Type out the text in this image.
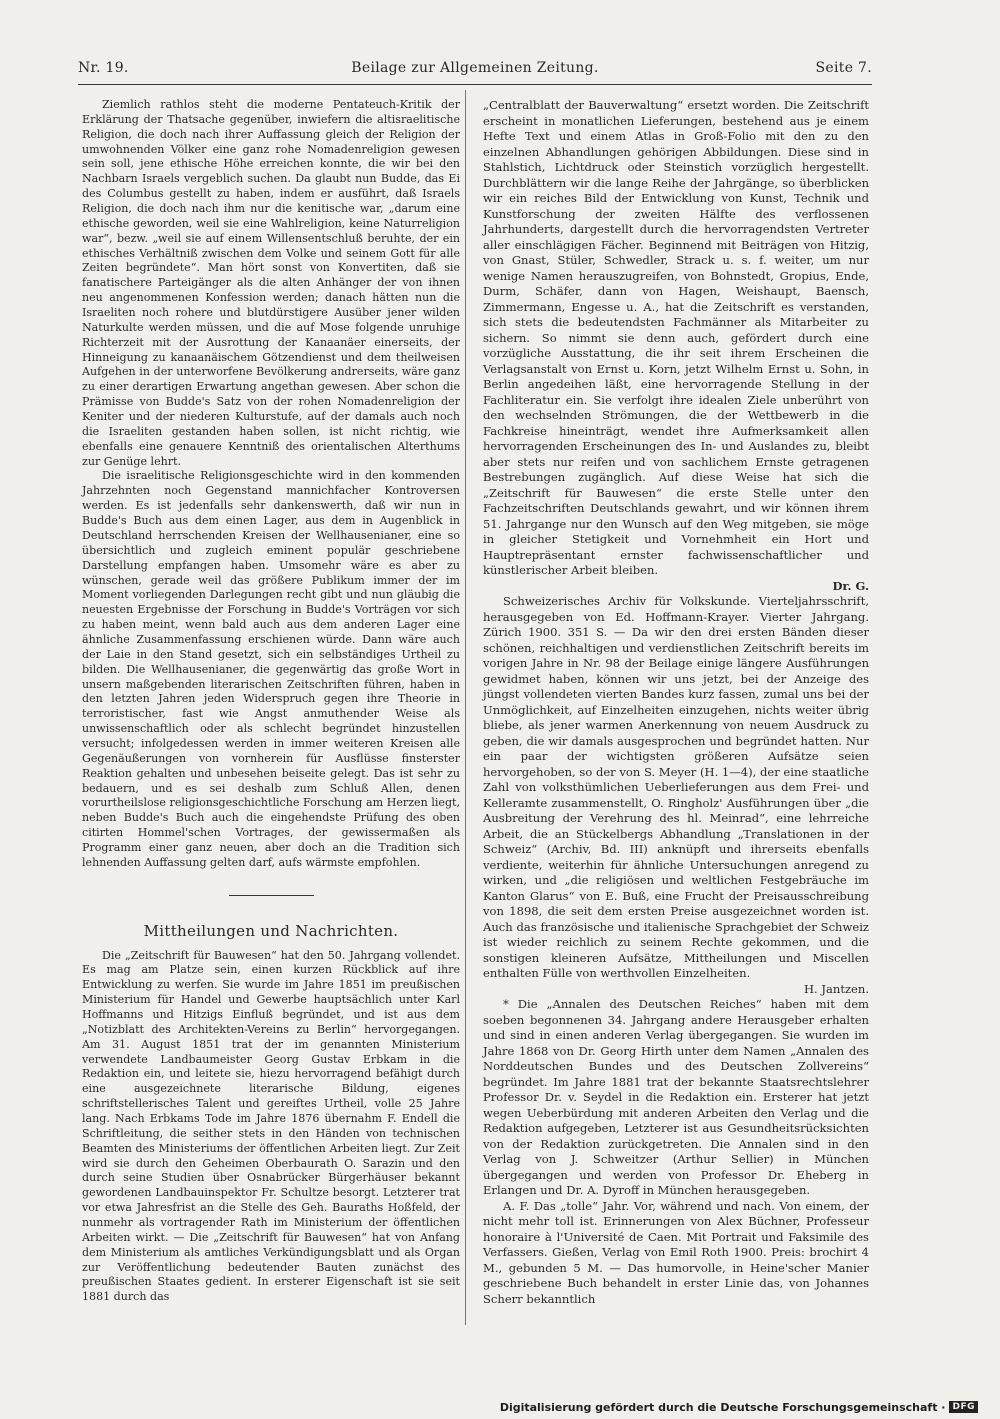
Nr. 19.	Beilage zur Allgemeinen Zeitung.	Seite 7.

Ziemlich rathlos steht die moderne Pentateuch-Kritik der Erklärung der Thatsache gegenüber, inwiefern die altisraelitische Religion, die doch nach ihrer Auffassung gleich der Religion der umwohnenden Völker eine ganz rohe Nomadenreligion gewesen sein soll, jene ethische Höhe erreichen konnte, die wir bei den Nachbarn Israels vergeblich suchen. Da glaubt nun Budde, das Ei des Columbus gestellt zu haben, indem er ausführt, daß Israels Religion, die doch nach ihm nur die kenitische war, „darum eine ethische geworden, weil sie eine Wahlreligion, keine Naturreligion war“, bezw. „weil sie auf einem Willensentschluß beruhte, der ein ethisches Verhältniß zwischen dem Volke und seinem Gott für alle Zeiten begründete“. Man hört sonst von Konvertiten, daß sie fanatischere Parteigänger als die alten Anhänger der von ihnen neu angenommenen Konfession werden; danach hätten nun die Israeliten noch rohere und blutdürstigere Ausüber jener wilden Naturkulte werden müssen, und die auf Mose folgende unruhige Richterzeit mit der Ausrottung der Kanaanäer einerseits, der Hinneigung zu kanaanäischem Götzendienst und dem theilweisen Aufgehen in der unterworfene Bevölkerung andrerseits, wäre ganz zu einer derartigen Erwartung angethan gewesen. Aber schon die Prämisse von Budde's Satz von der rohen Nomadenreligion der Keniter und der niederen Kulturstufe, auf der damals auch noch die Israeliten gestanden haben sollen, ist nicht richtig, wie ebenfalls eine genauere Kenntniß des orientalischen Alterthums zur Genüge lehrt.

Die israelitische Religionsgeschichte wird in den kommenden Jahrzehnten noch Gegenstand mannichfacher Kontroversen werden. Es ist jedenfalls sehr dankenswerth, daß wir nun in Budde's Buch aus dem einen Lager, aus dem in Augenblick in Deutschland herrschenden Kreisen der Wellhausenianer, eine so übersichtlich und zugleich eminent populär geschriebene Darstellung empfangen haben. Umsomehr wäre es aber zu wünschen, gerade weil das größere Publikum immer der im Moment vorliegenden Darlegungen recht gibt und nun gläubig die neuesten Ergebnisse der Forschung in Budde's Vorträgen vor sich zu haben meint, wenn bald auch aus dem anderen Lager eine ähnliche Zusammenfassung erschienen würde. Dann wäre auch der Laie in den Stand gesetzt, sich ein selbständiges Urtheil zu bilden. Die Wellhausenianer, die gegenwärtig das große Wort in unsern maßgebenden literarischen Zeitschriften führen, haben in den letzten Jahren jeden Widerspruch gegen ihre Theorie in terroristischer, fast wie Angst anmuthender Weise als unwissenschaftlich oder als schlecht begründet hinzustellen versucht; infolgedessen werden in immer weiteren Kreisen alle Gegenäußerungen von vornherein für Ausflüsse finsterster Reaktion gehalten und unbesehen beiseite gelegt. Das ist sehr zu bedauern, und es sei deshalb zum Schluß Allen, denen vorurtheilslose religionsgeschichtliche Forschung am Herzen liegt, neben Budde's Buch auch die eingehendste Prüfung des oben citirten Hommel'schen Vortrages, der gewissermaßen als Programm einer ganz neuen, aber doch an die Tradition sich lehnenden Auffassung gelten darf, aufs wärmste empfohlen.

Mittheilungen und Nachrichten.

Die „Zeitschrift für Bauwesen“ hat den 50. Jahrgang vollendet. Es mag am Platze sein, einen kurzen Rückblick auf ihre Entwicklung zu werfen. Sie wurde im Jahre 1851 im preußischen Ministerium für Handel und Gewerbe hauptsächlich unter Karl Hoffmanns und Hitzigs Einfluß begründet, und ist aus dem „Notizblatt des Architekten-Vereins zu Berlin“ hervorgegangen. Am 31. August 1851 trat der im genannten Ministerium verwendete Landbaumeister Georg Gustav Erbkam in die Redaktion ein, und leitete sie, hiezu hervorragend befähigt durch eine ausgezeichnete literarische Bildung, eigenes schriftstellerisches Talent und gereiftes Urtheil, volle 25 Jahre lang. Nach Erbkams Tode im Jahre 1876 übernahm F. Endell die Schriftleitung, die seither stets in den Händen von technischen Beamten des Ministeriums der öffentlichen Arbeiten liegt. Zur Zeit wird sie durch den Geheimen Oberbaurath O. Sarazin und den durch seine Studien über Osnabrücker Bürgerhäuser bekannt gewordenen Landbauinspektor Fr. Schultze besorgt. Letzterer trat vor etwa Jahresfrist an die Stelle des Geh. Bauraths Hoßfeld, der nunmehr als vortragender Rath im Ministerium der öffentlichen Arbeiten wirkt. — Die „Zeitschrift für Bauwesen“ hat von Anfang dem Ministerium als amtliches Verkündigungsblatt und als Organ zur Veröffentlichung bedeutender Bauten zunächst des preußischen Staates gedient. In ersterer Eigenschaft ist sie seit 1881 durch das

„Centralblatt der Bauverwaltung“ ersetzt worden. Die Zeitschrift erscheint in monatlichen Lieferungen, bestehend aus je einem Hefte Text und einem Atlas in Groß-Folio mit den zu den einzelnen Abhandlungen gehörigen Abbildungen. Diese sind in Stahlstich, Lichtdruck oder Steinstich vorzüglich hergestellt. Durchblättern wir die lange Reihe der Jahrgänge, so überblicken wir ein reiches Bild der Entwicklung von Kunst, Technik und Kunstforschung der zweiten Hälfte des verflossenen Jahrhunderts, dargestellt durch die hervorragendsten Vertreter aller einschlägigen Fächer. Beginnend mit Beiträgen von Hitzig, von Gnast, Stüler, Schwedler, Strack u. s. f. weiter, um nur wenige Namen herauszugreifen, von Bohnstedt, Gropius, Ende, Durm, Schäfer, dann von Hagen, Weishaupt, Baensch, Zimmermann, Engesse u. A., hat die Zeitschrift es verstanden, sich stets die bedeutendsten Fachmänner als Mitarbeiter zu sichern. So nimmt sie denn auch, gefördert durch eine vorzügliche Ausstattung, die ihr seit ihrem Erscheinen die Verlagsanstalt von Ernst u. Korn, jetzt Wilhelm Ernst u. Sohn, in Berlin angedeihen läßt, eine hervorragende Stellung in der Fachliteratur ein. Sie verfolgt ihre idealen Ziele unberührt von den wechselnden Strömungen, die der Wettbewerb in die Fachkreise hineinträgt, wendet ihre Aufmerksamkeit allen hervorragenden Erscheinungen des In- und Auslandes zu, bleibt aber stets nur reifen und von sachlichem Ernste getragenen Bestrebungen zugänglich. Auf diese Weise hat sich die „Zeitschrift für Bauwesen“ die erste Stelle unter den Fachzeitschriften Deutschlands gewahrt, und wir können ihrem 51. Jahrgange nur den Wunsch auf den Weg mitgeben, sie möge in gleicher Stetigkeit und Vornehmheit ein Hort und Hauptrepräsentant ernster fachwissenschaftlicher und künstlerischer Arbeit bleiben.

Dr. G.

Schweizerisches Archiv für Volkskunde. Vierteljahrsschrift, herausgegeben von Ed. Hoffmann-Krayer. Vierter Jahrgang. Zürich 1900. 351 S. — Da wir den drei ersten Bänden dieser schönen, reichhaltigen und verdienstlichen Zeitschrift bereits im vorigen Jahre in Nr. 98 der Beilage einige längere Ausführungen gewidmet haben, können wir uns jetzt, bei der Anzeige des jüngst vollendeten vierten Bandes kurz fassen, zumal uns bei der Unmöglichkeit, auf Einzelheiten einzugehen, nichts weiter übrig bliebe, als jener warmen Anerkennung von neuem Ausdruck zu geben, die wir damals ausgesprochen und begründet hatten. Nur ein paar der wichtigsten größeren Aufsätze seien hervorgehoben, so der von S. Meyer (H. 1—4), der eine staatliche Zahl von volksthümlichen Ueberlieferungen aus dem Frei- und Kelleramte zusammenstellt, O. Ringholz' Ausführungen über „die Ausbreitung der Verehrung des hl. Meinrad“, eine lehrreiche Arbeit, die an Stückelbergs Abhandlung „Translationen in der Schweiz“ (Archiv, Bd. III) anknüpft und ihrerseits ebenfalls verdiente, weiterhin für ähnliche Untersuchungen anregend zu wirken, und „die religiösen und weltlichen Festgebräuche im Kanton Glarus“ von E. Buß, eine Frucht der Preisausschreibung von 1898, die seit dem ersten Preise ausgezeichnet worden ist. Auch das französische und italienische Sprachgebiet der Schweiz ist wieder reichlich zu seinem Rechte gekommen, und die sonstigen kleineren Aufsätze, Mittheilungen und Miscellen enthalten Fülle von werthvollen Einzelheiten.

H. Jantzen.

* Die „Annalen des Deutschen Reiches“ haben mit dem soeben begonnenen 34. Jahrgang andere Herausgeber erhalten und sind in einen anderen Verlag übergegangen. Sie wurden im Jahre 1868 von Dr. Georg Hirth unter dem Namen „Annalen des Norddeutschen Bundes und des Deutschen Zollvereins“ begründet. Im Jahre 1881 trat der bekannte Staatsrechtslehrer Professor Dr. v. Seydel in die Redaktion ein. Ersterer hat jetzt wegen Ueberbürdung mit anderen Arbeiten den Verlag und die Redaktion aufgegeben, Letzterer ist aus Gesundheitsrücksichten von der Redaktion zurückgetreten. Die Annalen sind in den Verlag von J. Schweitzer (Arthur Sellier) in München übergegangen und werden von Professor Dr. Eheberg in Erlangen und Dr. A. Dyroff in München herausgegeben.

A. F. Das „tolle“ Jahr. Vor, während und nach. Von einem, der nicht mehr toll ist. Erinnerungen von Alex Büchner, Professeur honoraire à l'Université de Caen. Mit Portrait und Faksimile des Verfassers. Gießen, Verlag von Emil Roth 1900. Preis: brochirt 4 M., gebunden 5 M. — Das humorvolle, in Heine'scher Manier geschriebene Buch behandelt in erster Linie das, von Johannes Scherr bekanntlich

Digitalisierung gefördert durch die Deutsche Forschungsgemeinschaft · DFG
